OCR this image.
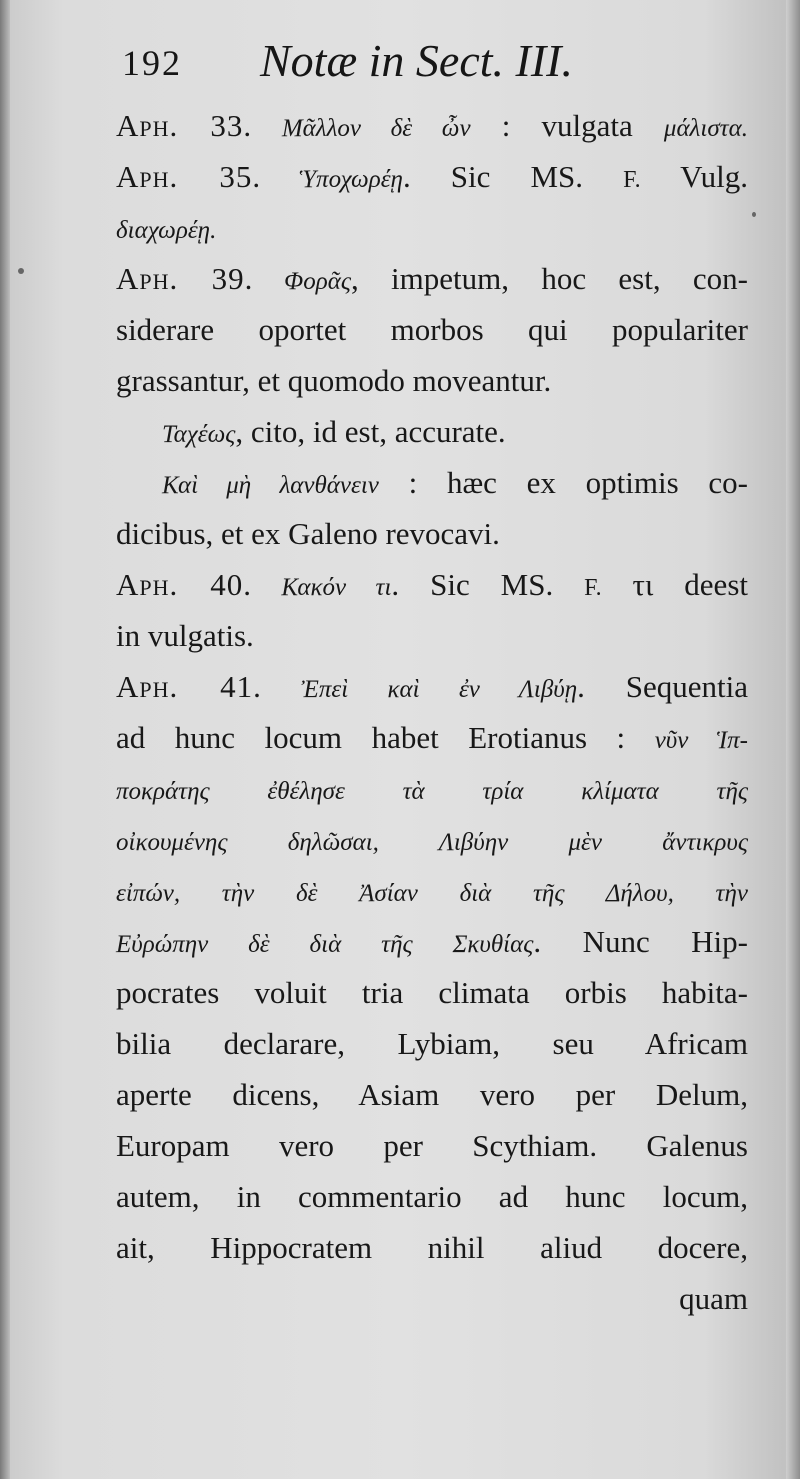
192 Notæ in Sect. III.
Aph. 33. Μᾶλλον δὲ ὦν : vulgata μάλιστα.
Aph. 35. Ὑποχωρέῃ. Sic MS. F. Vulg.
διαχωρέῃ.
Aph. 39. Φορᾶς, impetum, hoc est, con-
siderare oportet morbos qui populariter
grassantur, et quomodo moveantur.
Ταχέως, cito, id est, accurate.
Καὶ μὴ λανθάνειν : hæc ex optimis co-
dicibus, et ex Galeno revocavi.
Aph. 40. Κακόν τι. Sic MS. F. τι deest
in vulgatis.
Aph. 41. Ἐπεὶ καὶ ἐν Λιβύῃ. Sequentia
ad hunc locum habet Erotianus : νῦν Ἱπ-
ποκράτης ἐθέλησε τὰ τρία κλίματα τῆς
οἰκουμένης δηλῶσαι, Λιβύην μὲν ἄντικρυς
εἰπών, τὴν δὲ Ἀσίαν διὰ τῆς Δήλου, τὴν
Εὐρώπην δὲ διὰ τῆς Σκυθίας. Nunc Hip-
pocrates voluit tria climata orbis habita-
bilia declarare, Lybiam, seu Africam
aperte dicens, Asiam vero per Delum,
Europam vero per Scythiam. Galenus
autem, in commentario ad hunc locum,
ait, Hippocratem nihil aliud docere,
quam
